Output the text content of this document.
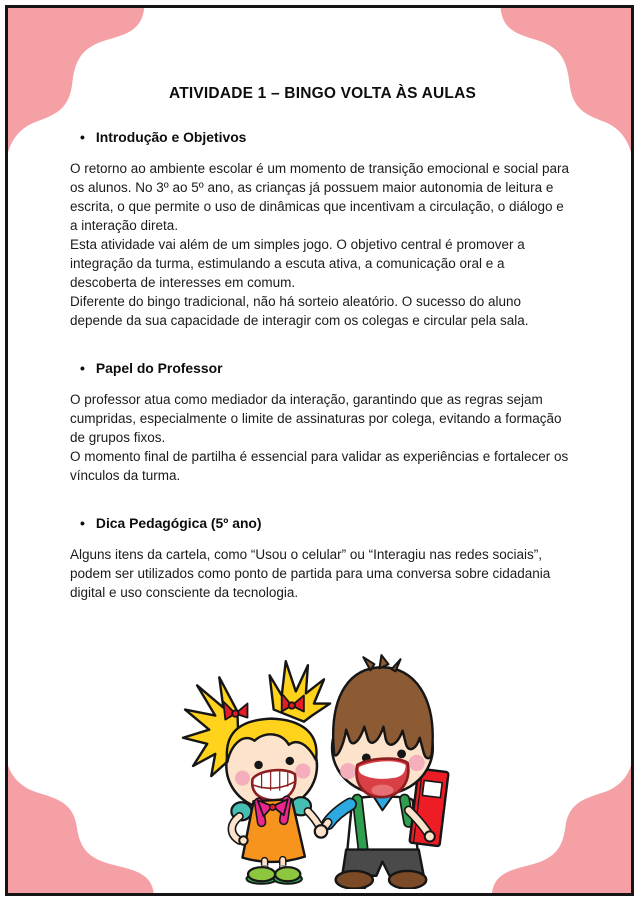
ATIVIDADE 1 – BINGO VOLTA ÀS AULAS
• Introdução e Objetivos

O retorno ao ambiente escolar é um momento de transição emocional e social para os alunos. No 3º ao 5º ano, as crianças já possuem maior autonomia de leitura e escrita, o que permite o uso de dinâmicas que incentivam a circulação, o diálogo e a interação direta.

Esta atividade vai além de um simples jogo. O objetivo central é promover a integração da turma, estimulando a escuta ativa, a comunicação oral e a descoberta de interesses em comum.

Diferente do bingo tradicional, não há sorteio aleatório. O sucesso do aluno depende da sua capacidade de interagir com os colegas e circular pela sala.

• Papel do Professor

O professor atua como mediador da interação, garantindo que as regras sejam cumpridas, especialmente o limite de assinaturas por colega, evitando a formação de grupos fixos.

O momento final de partilha é essencial para validar as experiências e fortalecer os vínculos da turma.

• Dica Pedagógica (5º ano)

Alguns itens da cartela, como “Usou o celular” ou “Interagiu nas redes sociais”, podem ser utilizados como ponto de partida para uma conversa sobre cidadania digital e uso consciente da tecnologia.
